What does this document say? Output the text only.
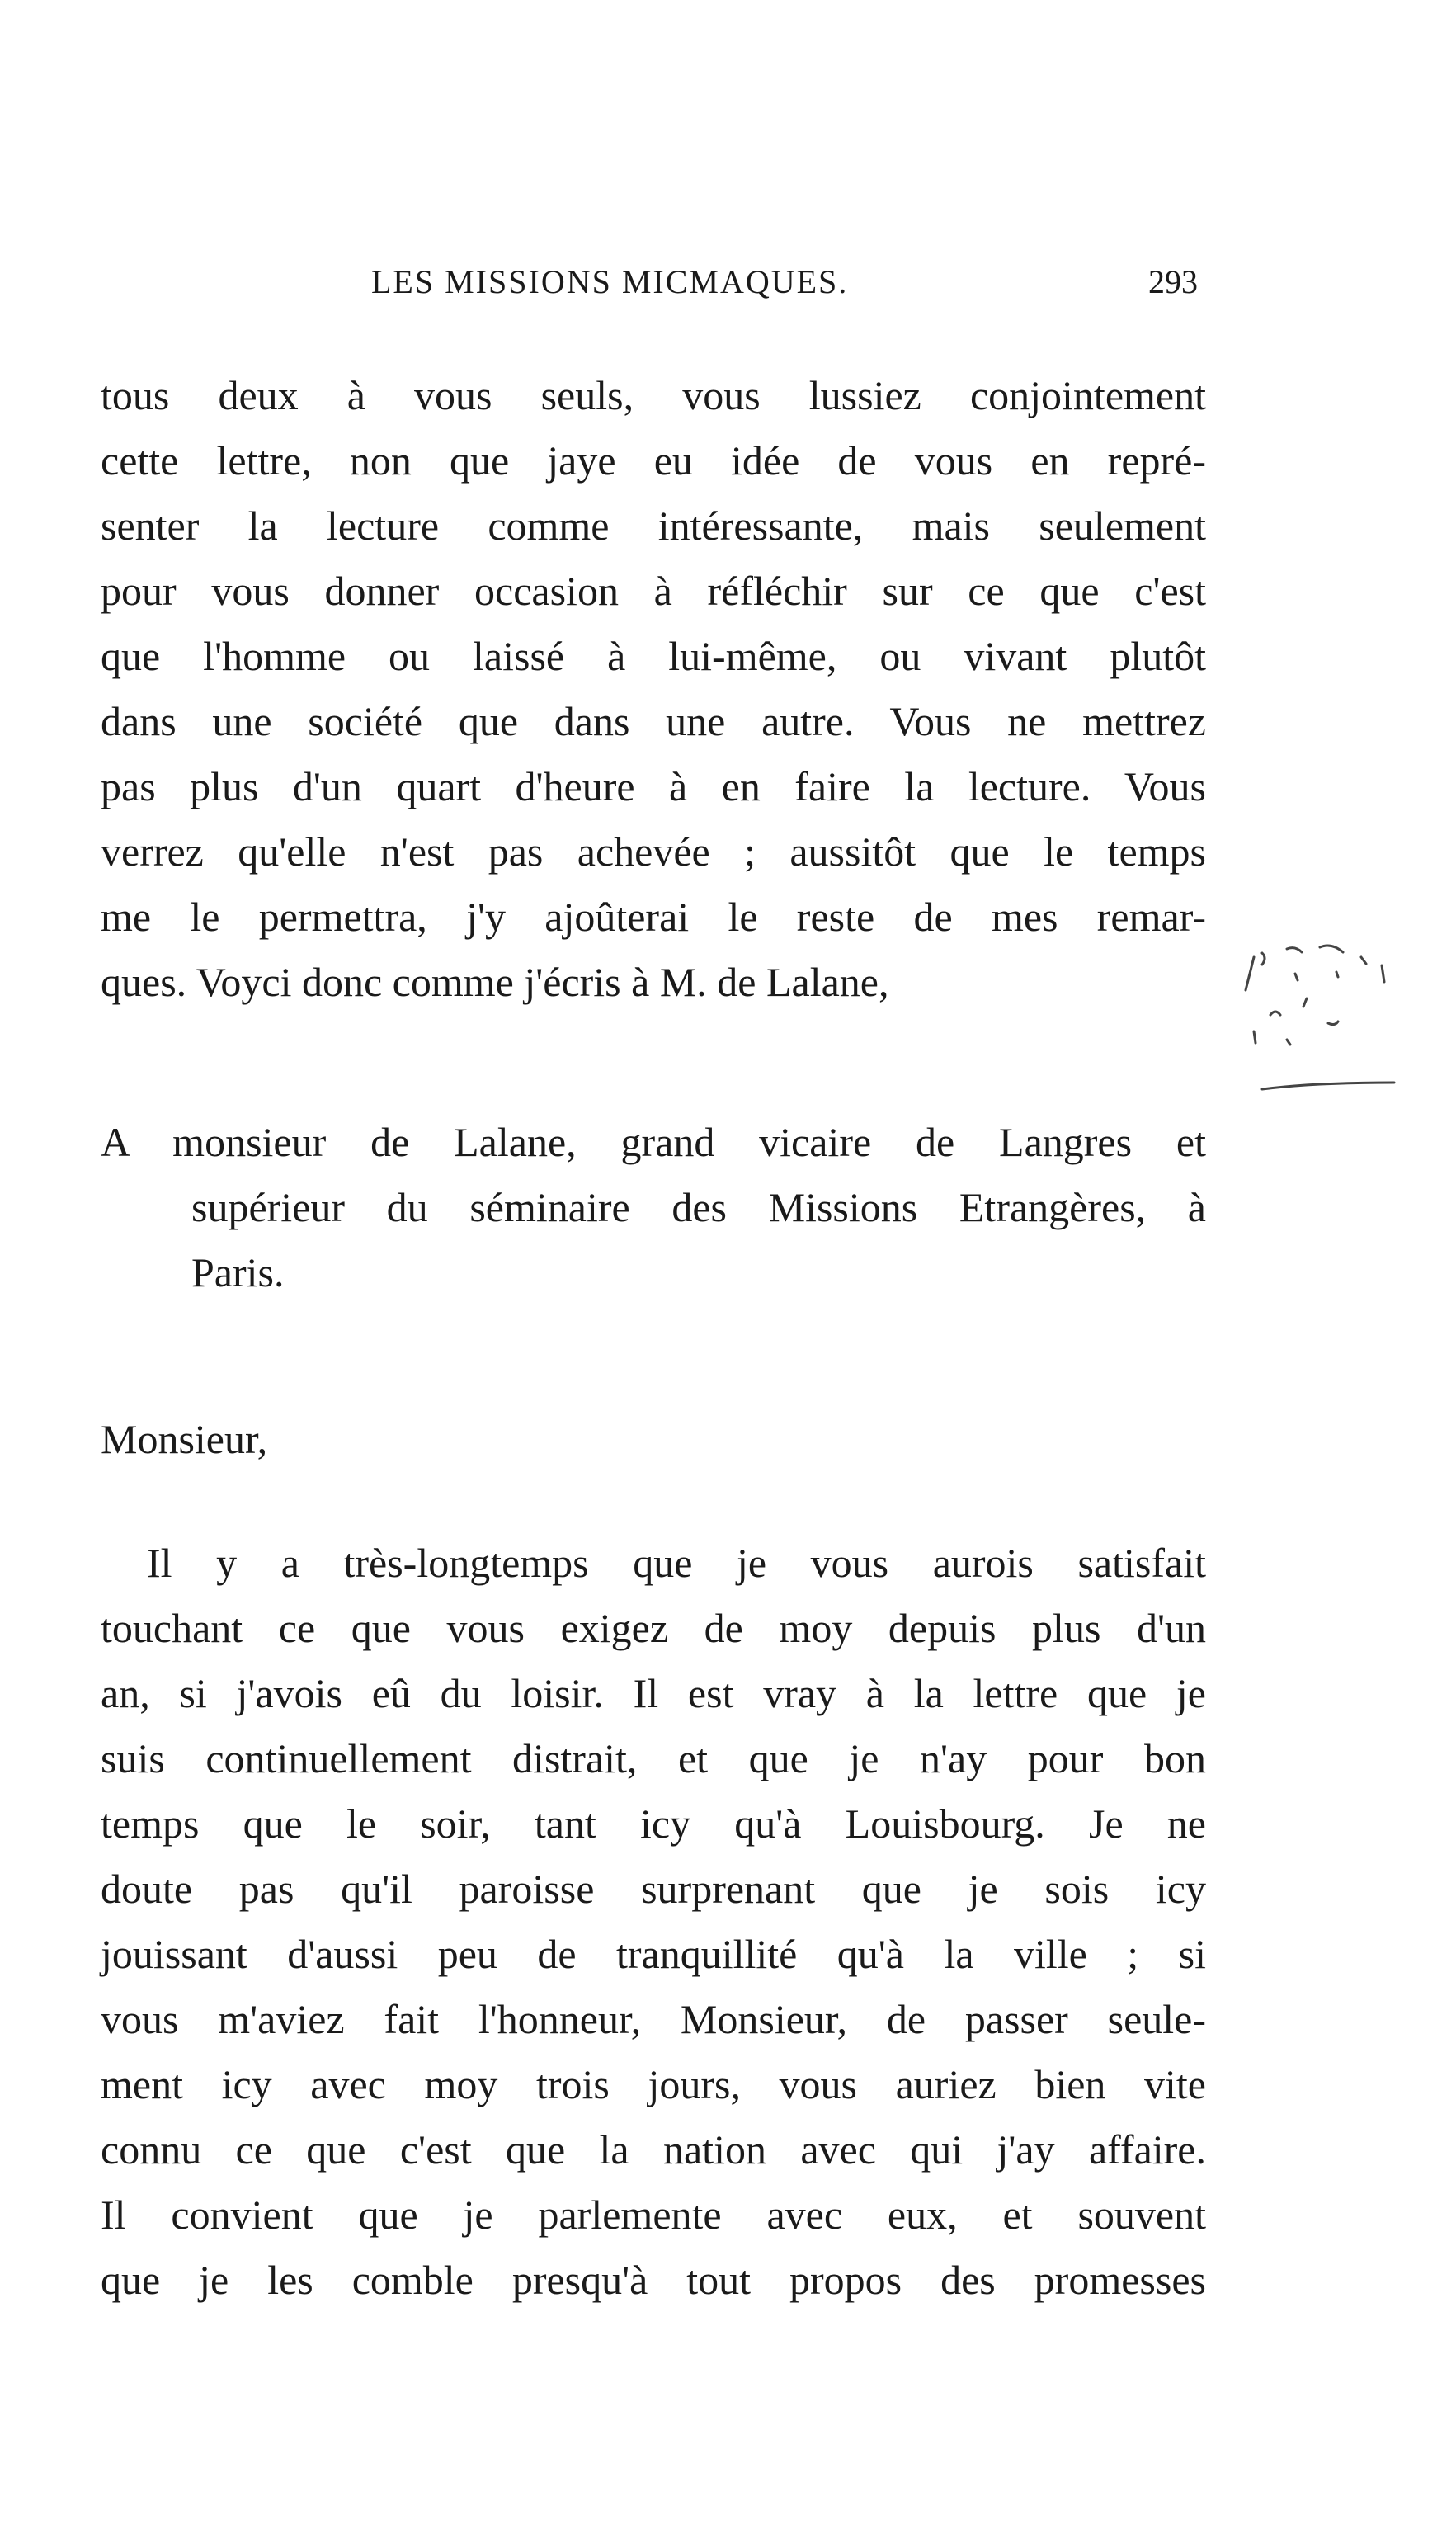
LES MISSIONS MICMAQUES.	293
tous deux à vous seuls, vous lussiez conjointement
cette lettre, non que jaye eu idée de vous en repré-
senter la lecture comme intéressante, mais seulement
pour vous donner occasion à réfléchir sur ce que c'est
que l'homme ou laissé à lui-même, ou vivant plutôt
dans une société que dans une autre. Vous ne mettrez
pas plus d'un quart d'heure à en faire la lecture. Vous
verrez qu'elle n'est pas achevée ; aussitôt que le temps
me le permettra, j'y ajoûterai le reste de mes remar-
ques. Voyci donc comme j'écris à M. de Lalane,
A monsieur de Lalane, grand vicaire de Langres et
supérieur du séminaire des Missions Etrangères, à
Paris.
Monsieur,
Il y a très-longtemps que je vous aurois satisfait
touchant ce que vous exigez de moy depuis plus d'un
an, si j'avois eû du loisir. Il est vray à la lettre que je
suis continuellement distrait, et que je n'ay pour bon
temps que le soir, tant icy qu'à Louisbourg. Je ne
doute pas qu'il paroisse surprenant que je sois icy
jouissant d'aussi peu de tranquillité qu'à la ville ; si
vous m'aviez fait l'honneur, Monsieur, de passer seule-
ment icy avec moy trois jours, vous auriez bien vite
connu ce que c'est que la nation avec qui j'ay affaire.
Il convient que je parlemente avec eux, et souvent
que je les comble presqu'à tout propos des promesses
